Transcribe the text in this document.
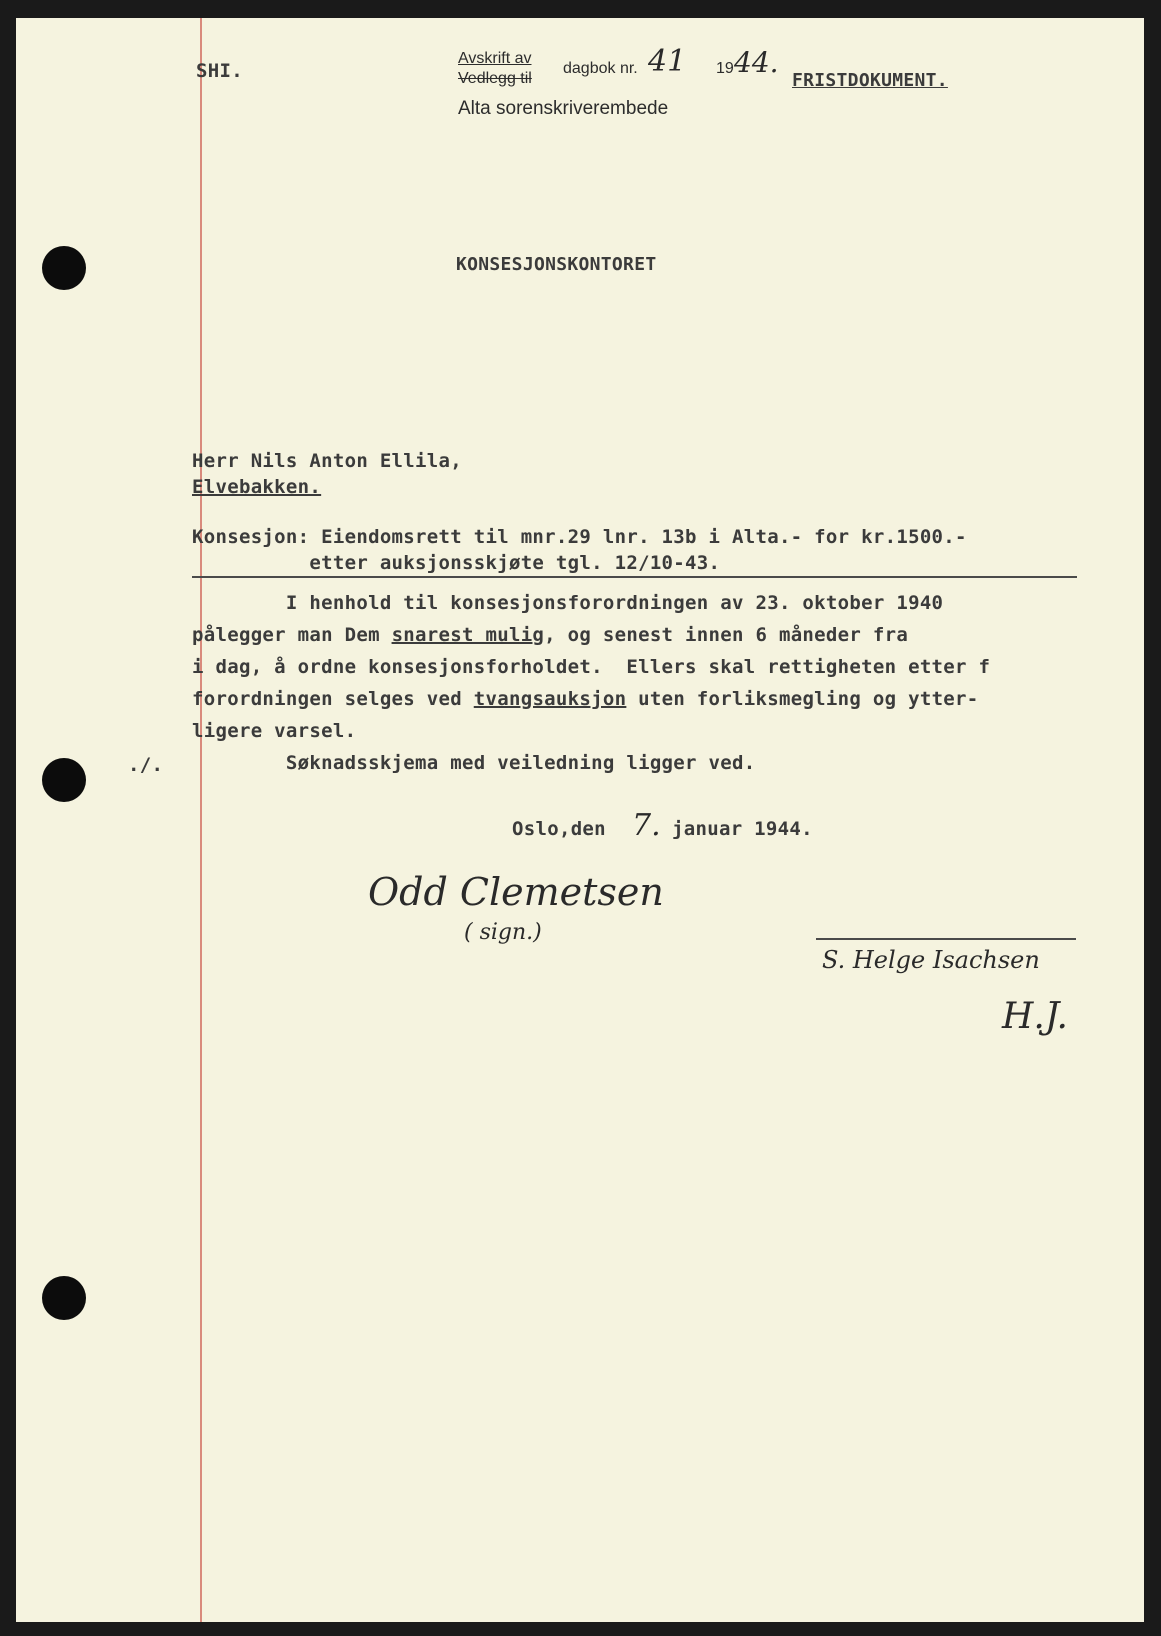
SHI.
Avskrift av
Vedlegg til
dagbok nr. 41 19 44.
FRISTDOKUMENT.
Alta sorenskriverembede
KONSESJONSKONTORET
Herr Nils Anton Ellila,
Elvebakken.
Konsesjon: Eiendomsrett til mnr.29 lnr. 13b i Alta.- for kr.1500.-
etter auksjonsskjøte tgl. 12/10-43.
I henhold til konsesjonsforordningen av 23. oktober 1940
pålegger man Dem snarest mulig, og senest innen 6 måneder fra
i dag, å ordne konsesjonsforholdet.  Ellers skal rettigheten etter f
forordningen selges ved tvangsauksjon uten forliksmegling og ytter-
ligere varsel.
Søknadsskjema med veiledning ligger ved.
./.
Oslo,den 7. januar 1944.
Odd Clemetsen
( sign.)
S. Helge Isachsen
H.J.
